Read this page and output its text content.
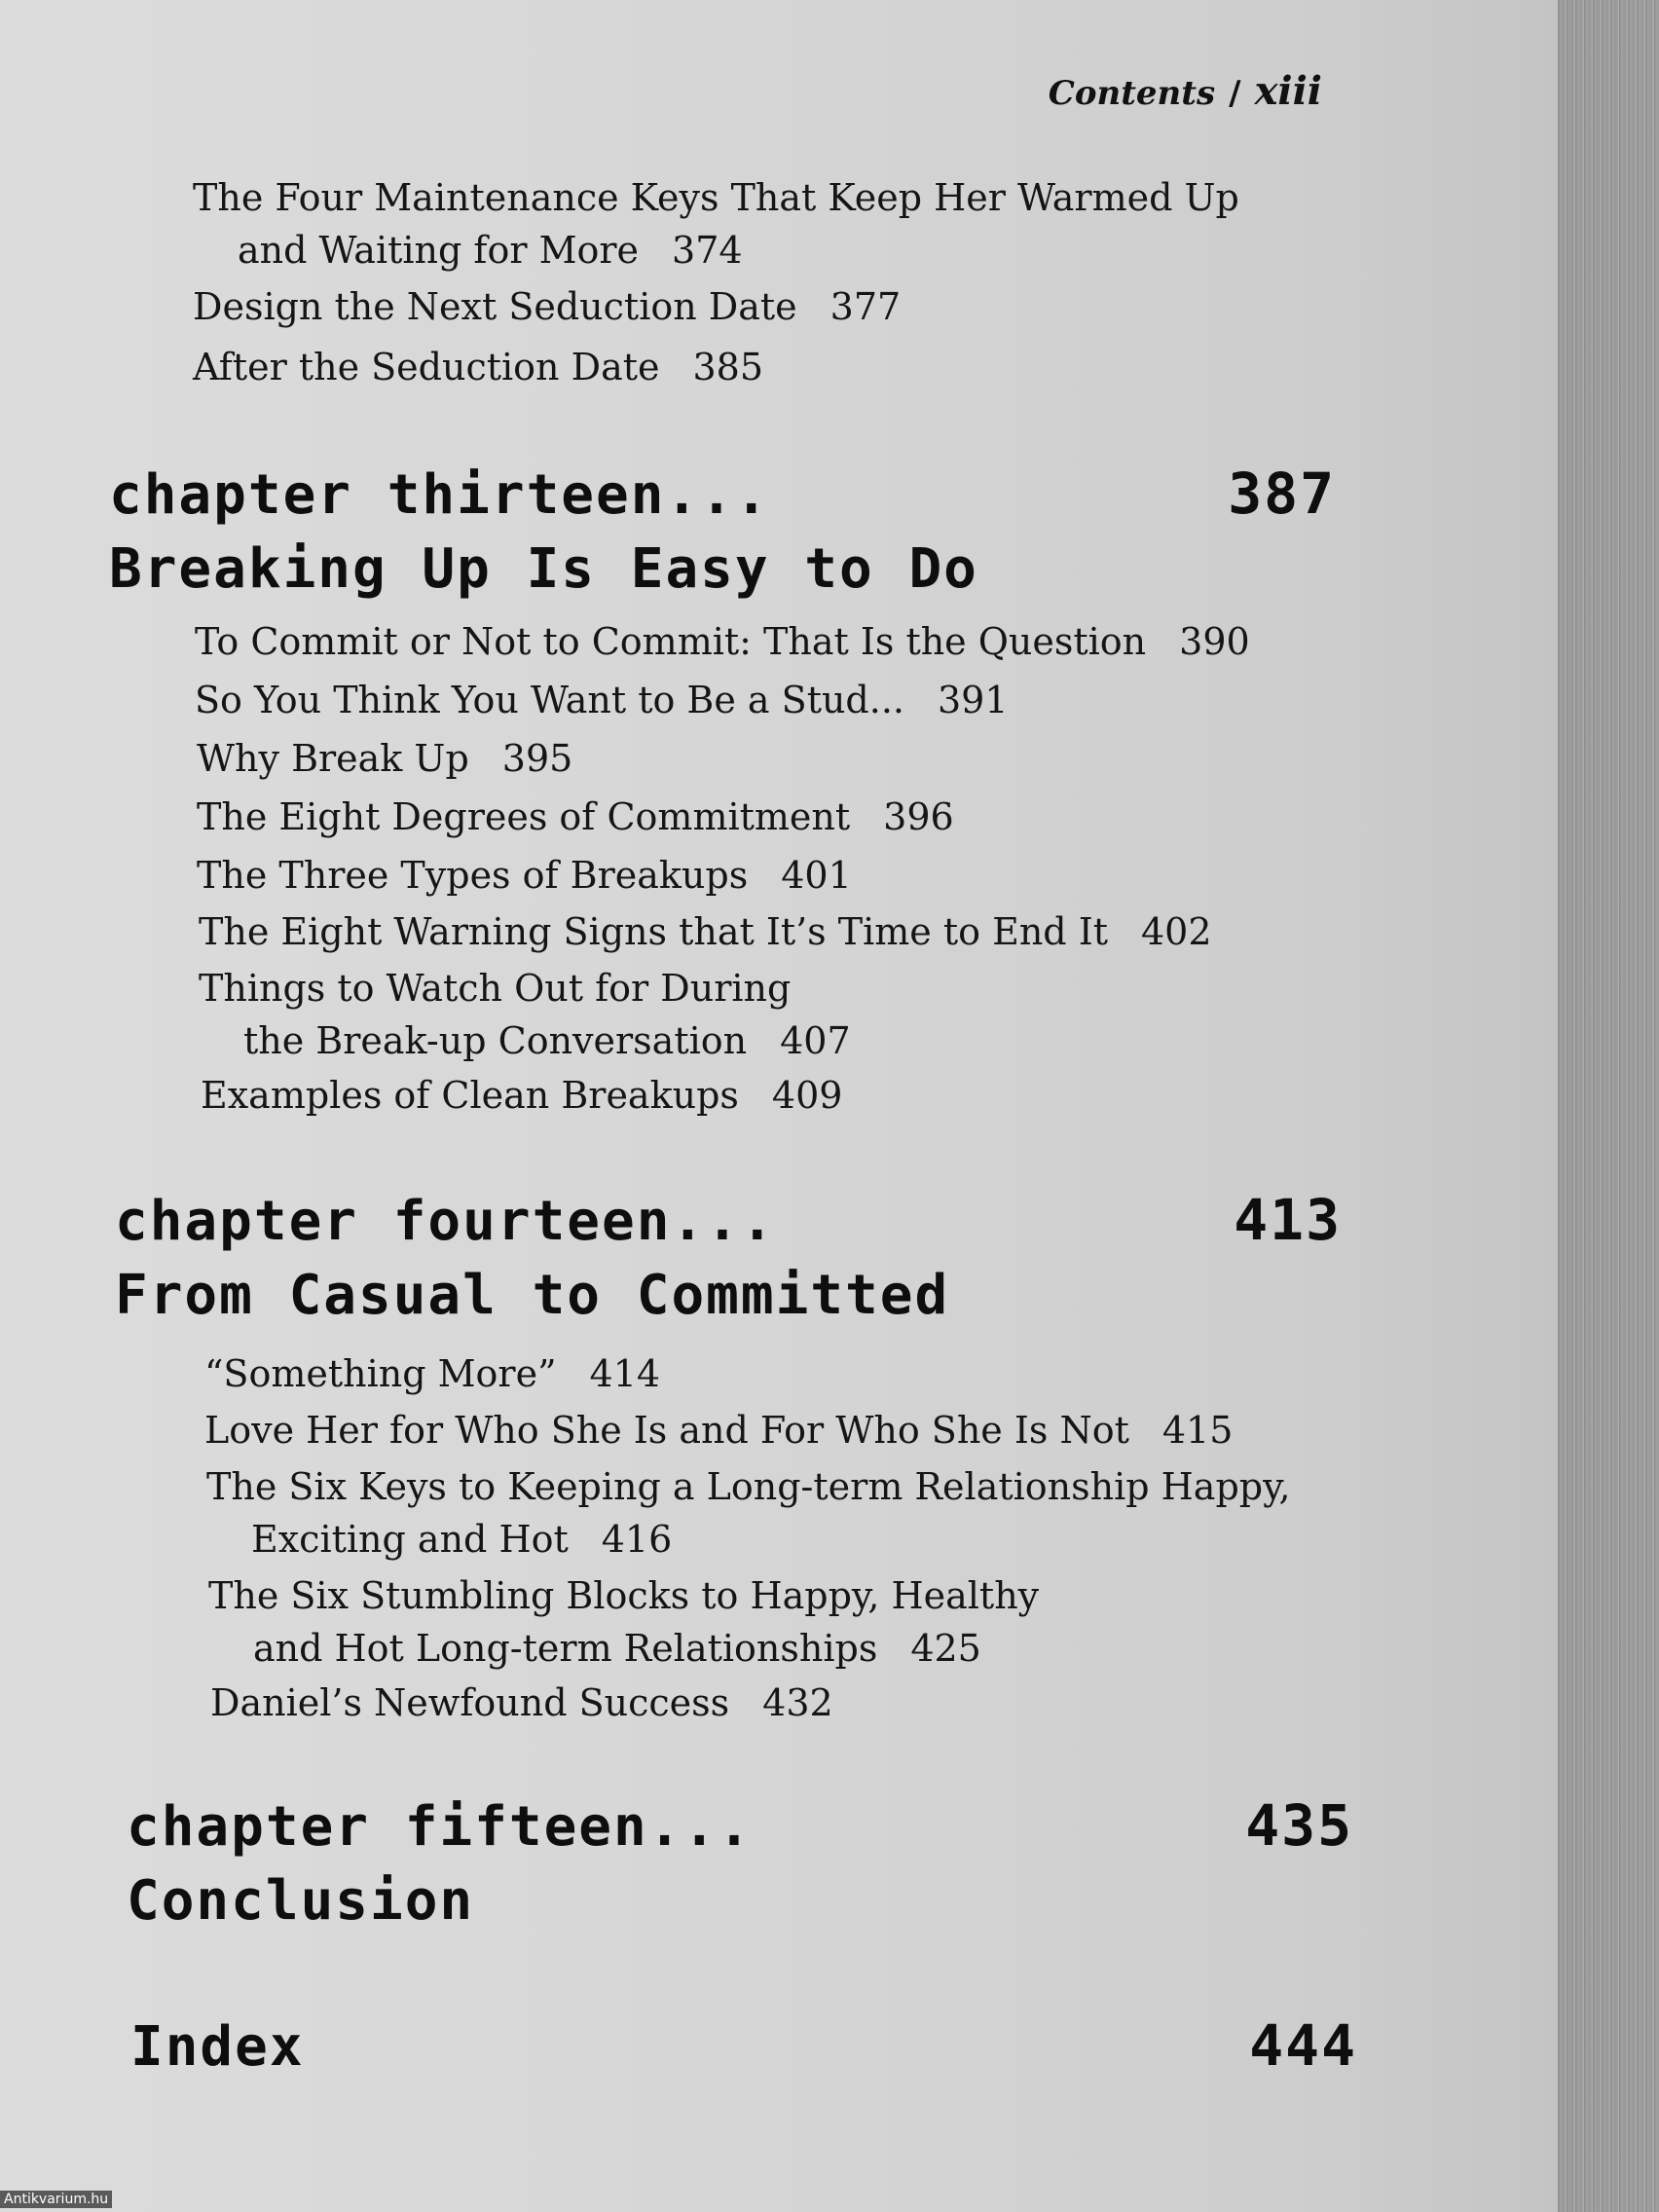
Contents / xiii
The Four Maintenance Keys That Keep Her Warmed Up
and Waiting for More 374
Design the Next Seduction Date 377
After the Seduction Date 385
chapter thirteen...	387
Breaking Up Is Easy to Do
To Commit or Not to Commit: That Is the Question 390
So You Think You Want to Be a Stud... 391
Why Break Up 395
The Eight Degrees of Commitment 396
The Three Types of Breakups 401
The Eight Warning Signs that It’s Time to End It 402
Things to Watch Out for During
the Break-up Conversation 407
Examples of Clean Breakups 409
chapter fourteen...	413
From Casual to Committed
“Something More” 414
Love Her for Who She Is and For Who She Is Not 415
The Six Keys to Keeping a Long-term Relationship Happy,
Exciting and Hot 416
The Six Stumbling Blocks to Happy, Healthy
and Hot Long-term Relationships 425
Daniel’s Newfound Success 432
chapter fifteen...	435
Conclusion
Index	444
Antikvarium.hu
